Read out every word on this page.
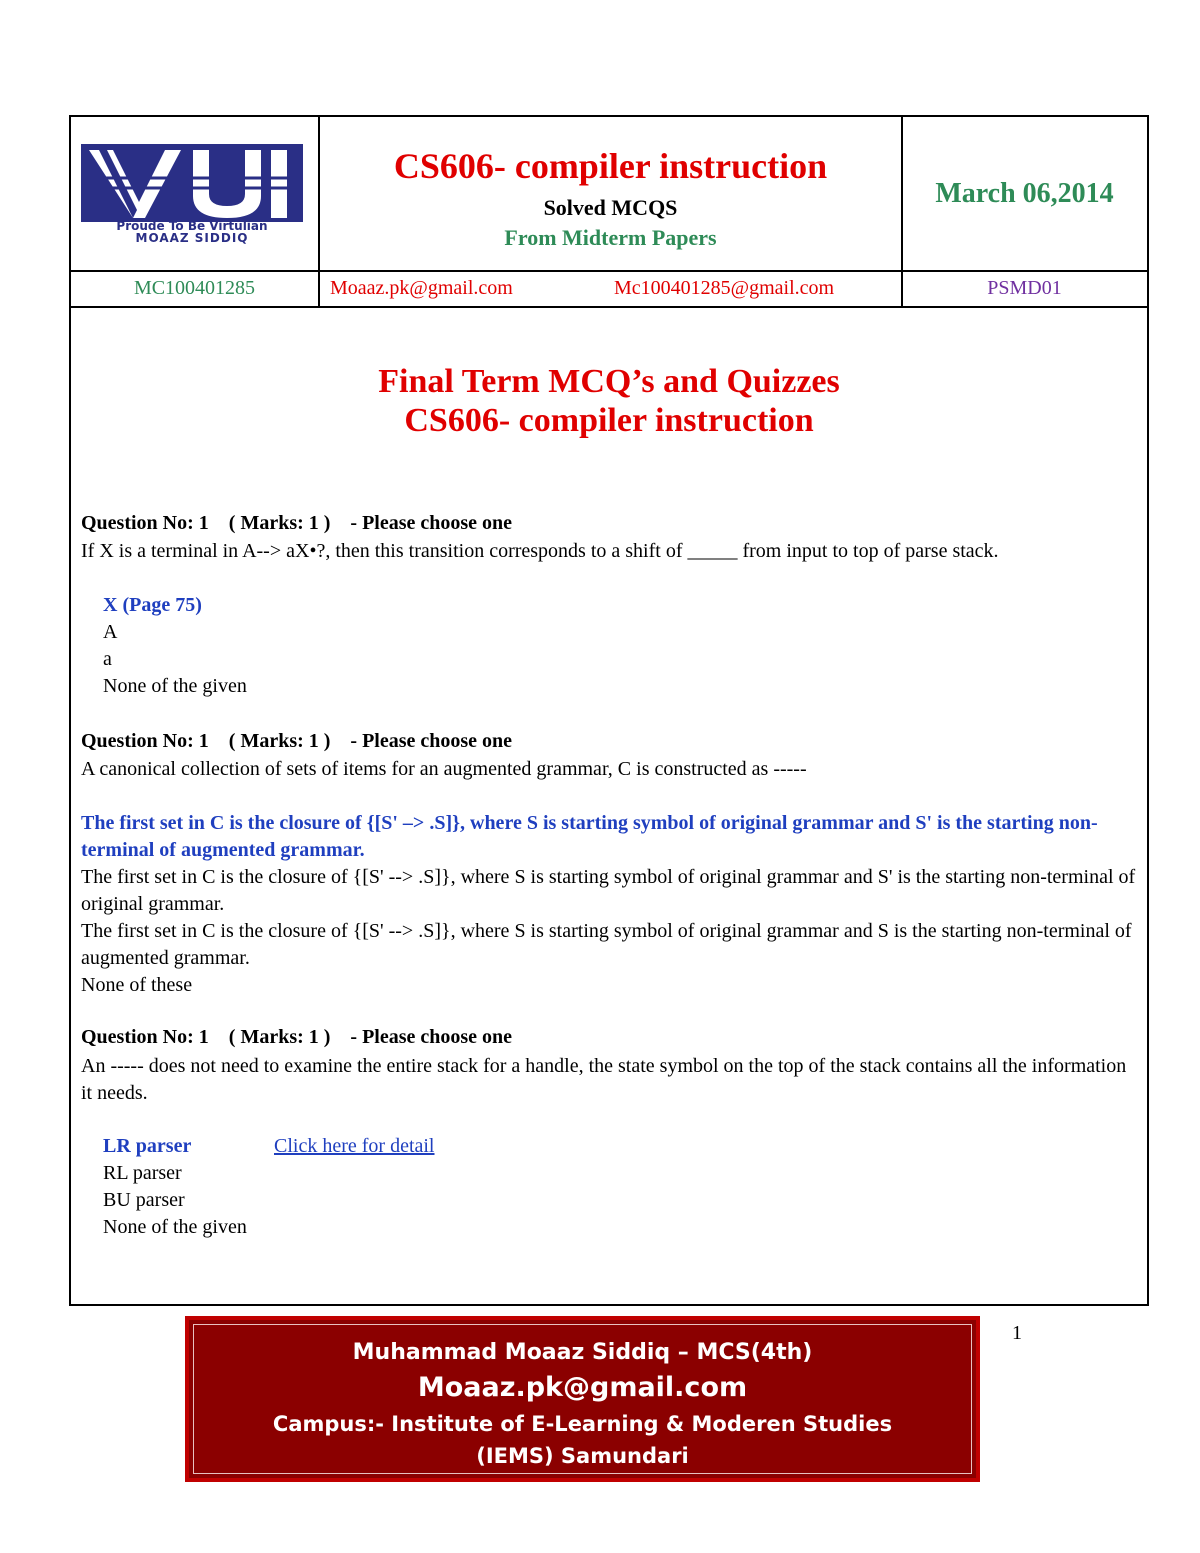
Proude To Be Virtulian
MOAAZ SIDDIQ
CS606- compiler instruction
Solved MCQS
From Midterm Papers
March 06,2014
MC100401285	Moaaz.pk@gmail.com	Mc100401285@gmail.com	PSMD01
Final Term MCQ’s and Quizzes
CS606- compiler instruction
Question No: 1    ( Marks: 1 )    - Please choose one
If X is a terminal in A--> aX•?, then this transition corresponds to a shift of _____ from input to top of parse stack.
X (Page 75)
A
a
None of the given
Question No: 1    ( Marks: 1 )    - Please choose one
A canonical collection of sets of items for an augmented grammar, C is constructed as -----
The first set in C is the closure of {[S' –> .S]}, where S is starting symbol of original grammar and S' is the starting non-terminal of augmented grammar.
The first set in C is the closure of {[S' --> .S]}, where S is starting symbol of original grammar and S' is the starting non-terminal of original grammar.
The first set in C is the closure of {[S' --> .S]}, where S is starting symbol of original grammar and S is the starting non-terminal of augmented grammar.
None of these
Question No: 1    ( Marks: 1 )    - Please choose one
An ----- does not need to examine the entire stack for a handle, the state symbol on the top of the stack contains all the information it needs.
LR parser	Click here for detail
RL parser
BU parser
None of the given
Muhammad Moaaz Siddiq – MCS(4th)
Moaaz.pk@gmail.com
Campus:- Institute of E-Learning & Moderen Studies
(IEMS) Samundari
1
